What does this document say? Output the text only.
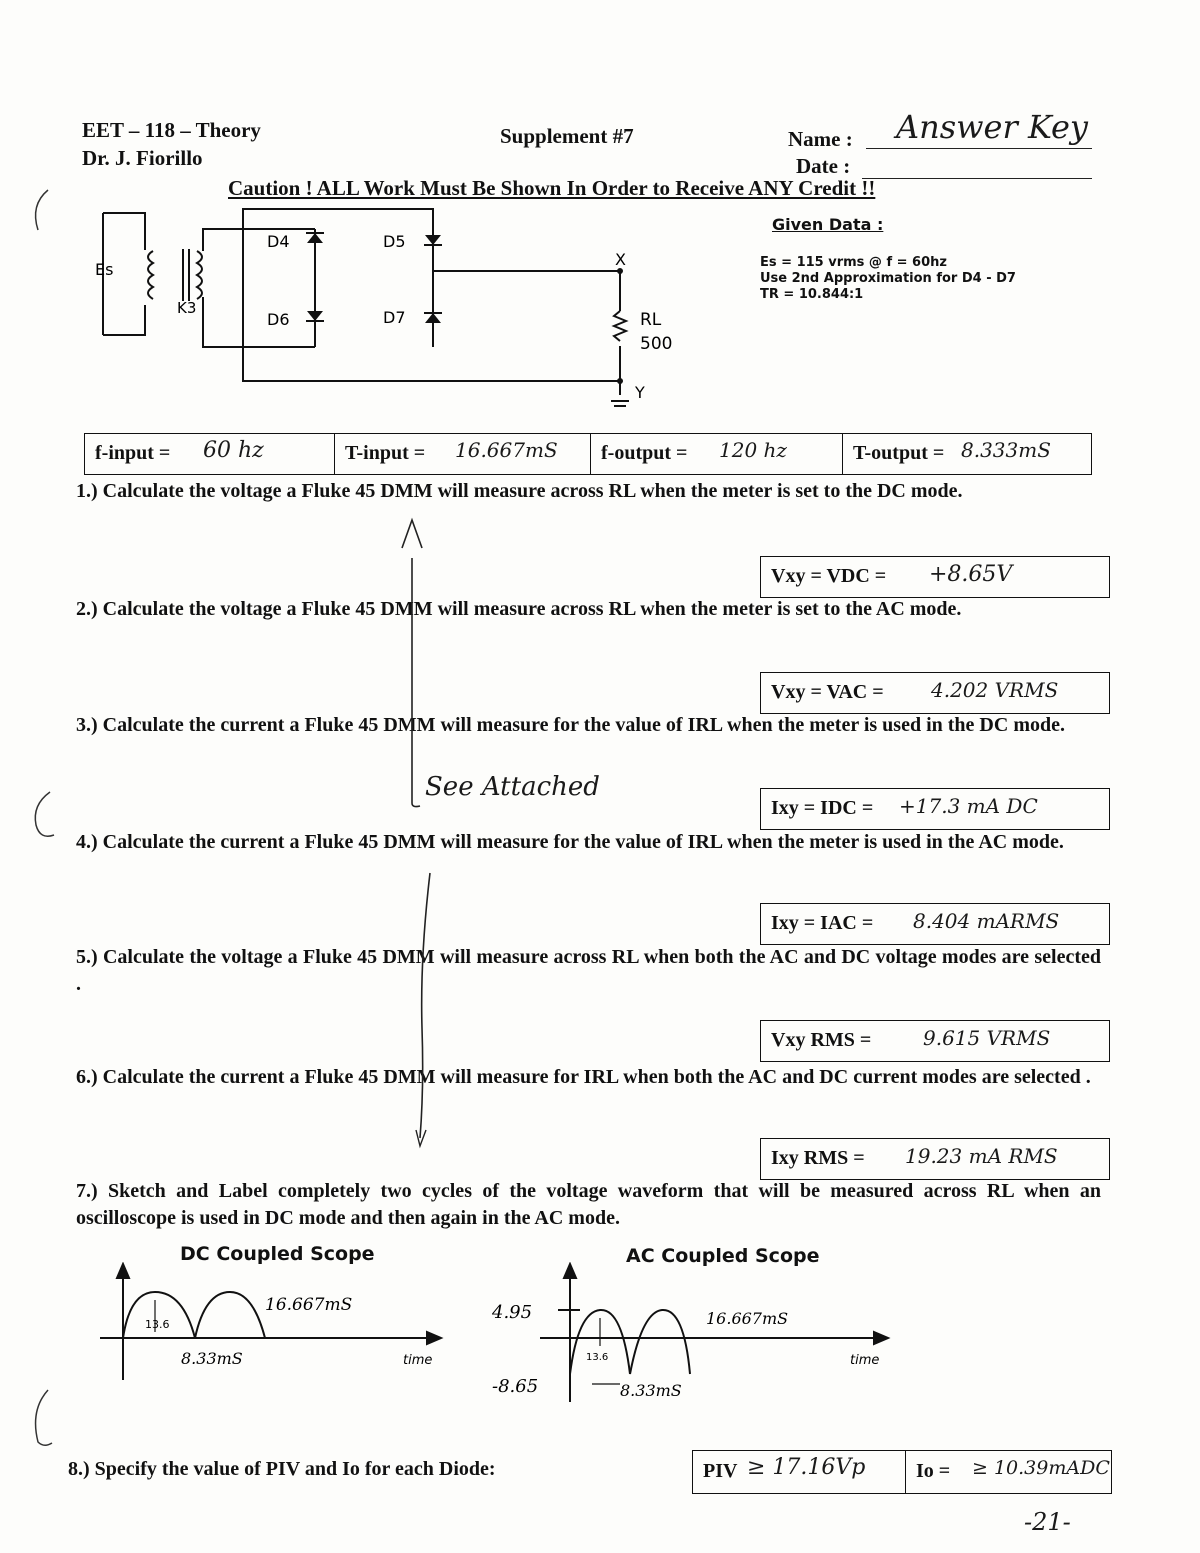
EET – 118 – Theory
Dr. J. Fiorillo
Supplement #7	Name : Answer Key
Date :
Caution ! ALL Work Must Be Shown In Order to Receive ANY Credit !!
Es
K3
D4	D5
D6	D7
X
Y
RL
500
Given Data :
Es = 115 vrms @ f = 60hz
Use 2nd Approximation for D4 - D7
TR = 10.844:1
f-input = 60 hz	T-input = 16.667mS f-output = 120 hz	T-output = 8.333mS
1.) Calculate the voltage a Fluke 45 DMM will measure across RL when the meter is set to the DC mode.
Vxy = VDC = +8.65V
2.) Calculate the voltage a Fluke 45 DMM will measure across RL when the meter is set to the AC mode.
Vxy = VAC = 4.202 VRMS
3.) Calculate the current a Fluke 45 DMM will measure for the value of IRL when the meter is used in the DC mode.
Ixy = IDC = +17.3 mA DC
4.) Calculate the current a Fluke 45 DMM will measure for the value of IRL when the meter is used in the AC mode.
Ixy = IAC = 8.404 mARMS
5.) Calculate the voltage a Fluke 45 DMM will measure across RL when both the AC and DC voltage modes are selected .
Vxy RMS =	9.615 VRMS
6.) Calculate the current a Fluke 45 DMM will measure for IRL when both the AC and DC current modes are selected .
Ixy RMS = 19.23 mA RMS
7.) Sketch and Label completely two cycles of the voltage waveform that will be measured across RL when an oscilloscope is used in DC mode and then again in the AC mode.
See Attached
DC Coupled Scope	AC Coupled Scope
13.6
16.667mS
8.33mS	time
4.95
-8.65
13.6
16.667mS
8.33mS
time
8.) Specify the value of PIV and Io for each Diode:	PIV ≥ 17.16Vp	Io = ≥ 10.39mADC
-21-
